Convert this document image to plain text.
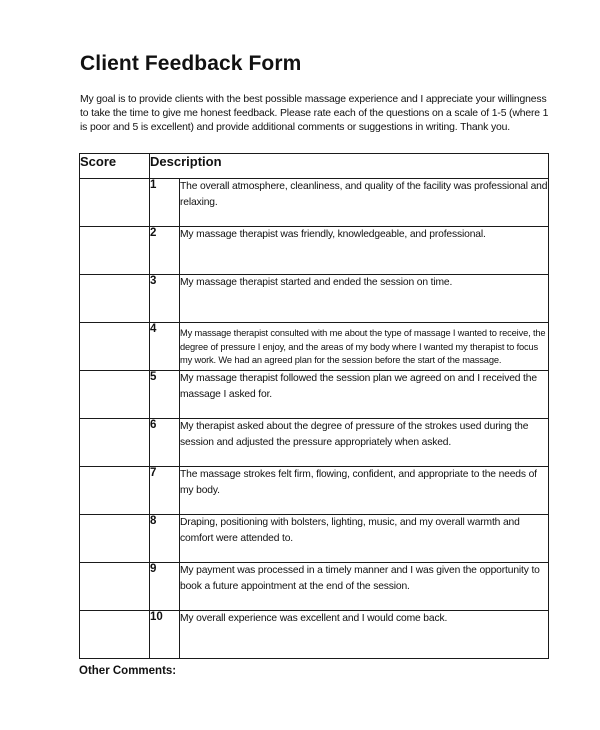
Client Feedback Form

My goal is to provide clients with the best possible massage experience and I appreciate your willingness
to take the time to give me honest feedback. Please rate each of the questions on a scale of 1-5 (where 1
is poor and 5 is excellent) and provide additional comments or suggestions in writing. Thank you.

Score	Description	
	1	The overall atmosphere, cleanliness, and quality of the facility was professional and relaxing.
	2	My massage therapist was friendly, knowledgeable, and professional.
	3	My massage therapist started and ended the session on time.
	4	My massage therapist consulted with me about the type of massage I wanted to receive, the degree of pressure I enjoy, and the areas of my body where I wanted my therapist to focus my work. We had an agreed plan for the session before the start of the massage.
	5	My massage therapist followed the session plan we agreed on and I received the massage I asked for.
	6	My therapist asked about the degree of pressure of the strokes used during the session and adjusted the pressure appropriately when asked.
	7	The massage strokes felt firm, flowing, confident, and appropriate to the needs of my body.
	8	Draping, positioning with bolsters, lighting, music, and my overall warmth and comfort were attended to.
	9	My payment was processed in a timely manner and I was given the opportunity to book a future appointment at the end of the session.
	10	My overall experience was excellent and I would come back.

Other Comments:
